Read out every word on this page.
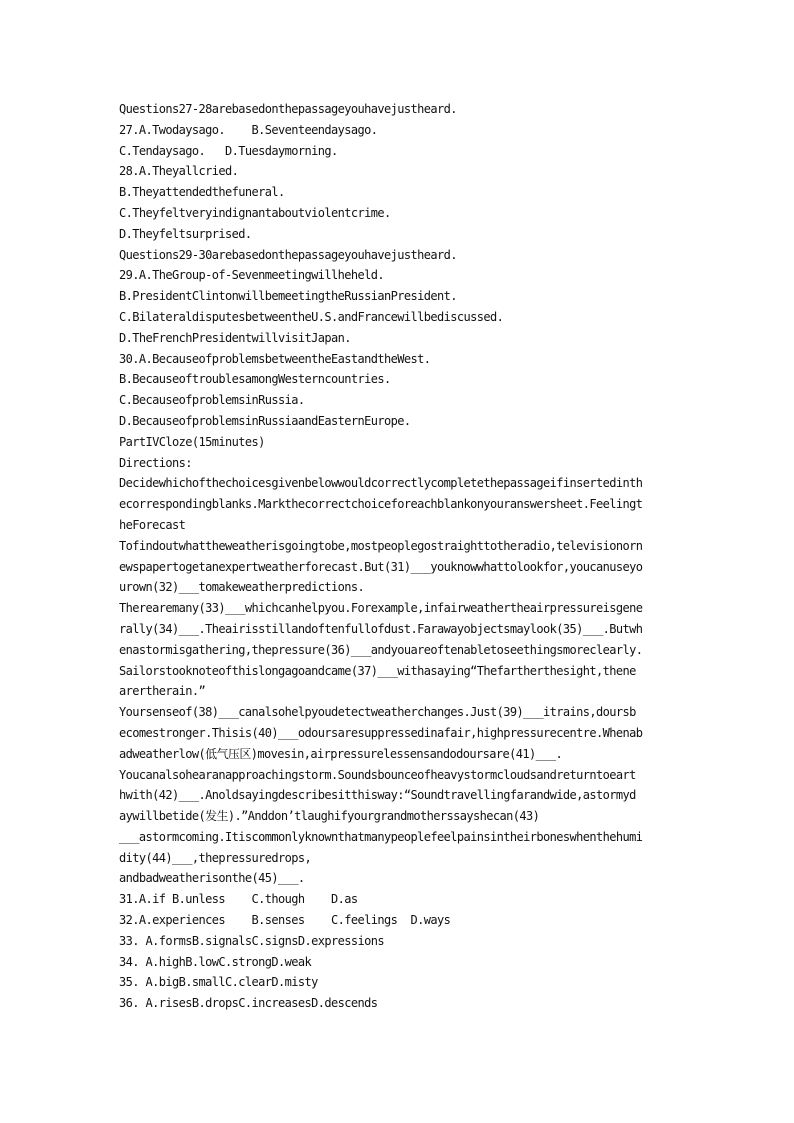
Questions27-28arebasedonthepassageyouhavejustheard.
27.A.Twodaysago.    B.Seventeendaysago.
C.Tendaysago.   D.Tuesdaymorning.
28.A.Theyallcried.
B.Theyattendedthefuneral.
C.Theyfeltveryindignantaboutviolentcrime.
D.Theyfeltsurprised.
Questions29-30arebasedonthepassageyouhavejustheard.
29.A.TheGroup-of-Sevenmeetingwillheheld.
B.PresidentClintonwillbemeetingtheRussianPresident.
C.BilateraldisputesbetweentheU.S.andFrancewillbediscussed.
D.TheFrenchPresidentwillvisitJapan.
30.A.BecauseofproblemsbetweentheEastandtheWest.
B.BecauseoftroublesamongWesterncountries.
C.BecauseofproblemsinRussia.
D.BecauseofproblemsinRussiaandEasternEurope.
PartIVCloze(15minutes)
Directions:
Decidewhichofthechoicesgivenbelowwouldcorrectlycompletethepassageifinsertedinth
ecorrespondingblanks.Markthecorrectchoiceforeachblankonyouranswersheet.Feelingt
heForecast
Tofindoutwhattheweatherisgoingtobe,mostpeoplegostraighttotheradio,televisionorn
ewspapertogetanexpertweatherforecast.But(31)___youknowwhattolookfor,youcanuseyo
urown(32)___tomakeweatherpredictions.
Therearemany(33)___whichcanhelpyou.Forexample,infairweathertheairpressureisgene
rally(34)___.Theairisstillandoftenfullofdust.Farawayobjectsmaylook(35)___.Butwh
enastormisgathering,thepressure(36)___andyouareoftenabletoseethingsmoreclearly.
Sailorstooknoteofthislongagoandcame(37)___withasaying“Thefartherthesight,thene
arertherain.”
Yoursenseof(38)___canalsohelpyoudetectweatherchanges.Just(39)___itrains,doursb
ecomestronger.Thisis(40)___odoursaresuppressedinafair,highpressurecentre.Whenab
adweatherlow(低气压区)movesin,airpressurelessensandodoursare(41)___.
Youcanalsohearanapproachingstorm.Soundsbounceofheavystormcloudsandreturntoeart
hwith(42)___.Anoldsayingdescribesitthisway:“Soundtravellingfarandwide,astormyd
aywillbetide(发生).”Anddon’tlaughifyourgrandmotherssayshecan(43)
___astormcoming.Itiscommonlyknownthatmanypeoplefeelpainsintheirboneswhenthehumi
dity(44)___,thepressuredrops,
andbadweatherisonthe(45)___.
31.A.if B.unless    C.though    D.as
32.A.experiences    B.senses    C.feelings  D.ways
33. A.formsB.signalsC.signsD.expressions
34. A.highB.lowC.strongD.weak
35. A.bigB.smallC.clearD.misty
36. A.risesB.dropsC.increasesD.descends
